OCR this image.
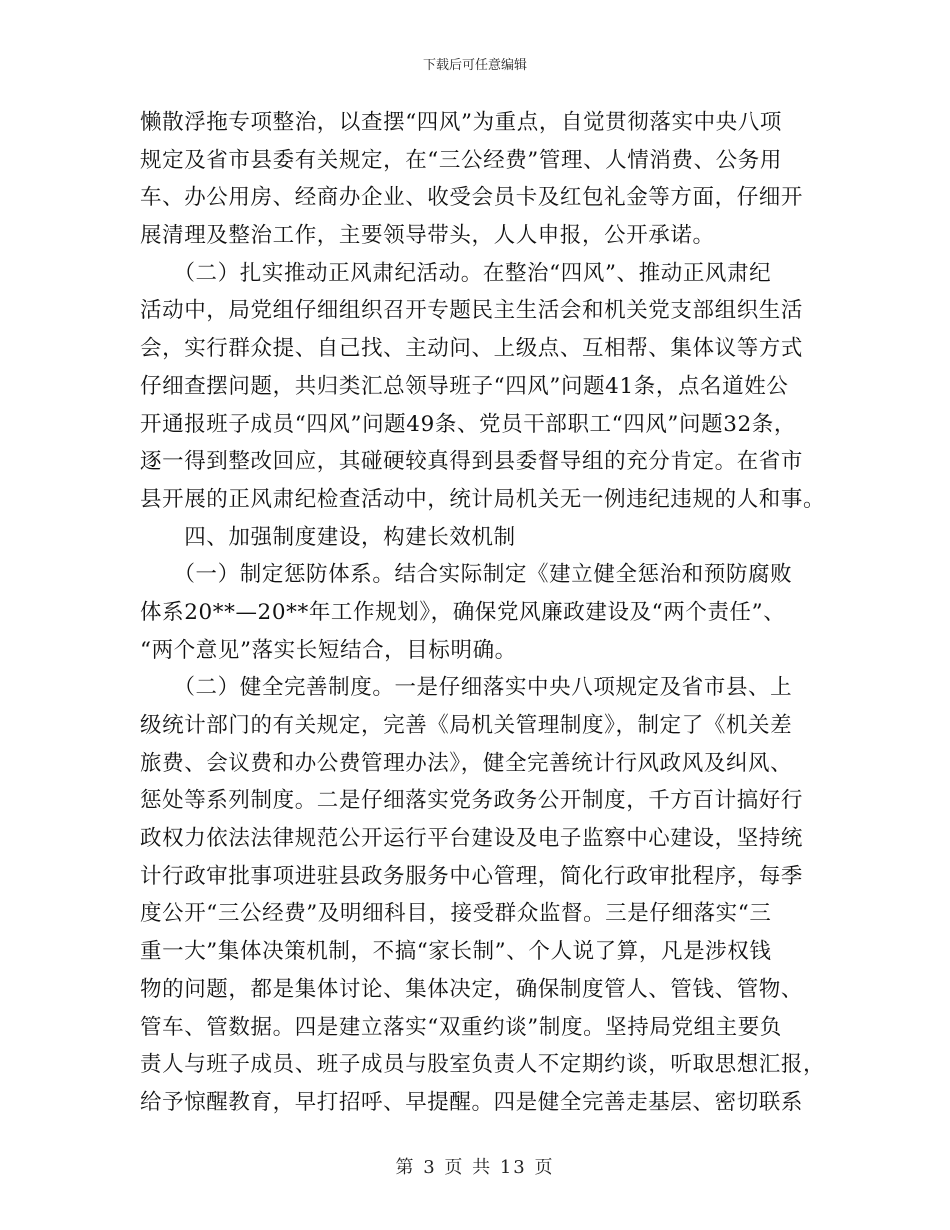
下载后可任意编辑
懒散浮拖专项整治，以查摆“四风”为重点，自觉贯彻落实中央八项
规定及省市县委有关规定，在“三公经费”管理、人情消费、公务用
车、办公用房、经商办企业、收受会员卡及红包礼金等方面，仔细开
展清理及整治工作，主要领导带头，人人申报，公开承诺。
　　（二）扎实推动正风肃纪活动。在整治“四风”、推动正风肃纪
活动中，局党组仔细组织召开专题民主生活会和机关党支部组织生活
会，实行群众提、自己找、主动问、上级点、互相帮、集体议等方式
仔细查摆问题，共归类汇总领导班子“四风”问题41条，点名道姓公
开通报班子成员“四风”问题49条、党员干部职工“四风”问题32条，
逐一得到整改回应，其碰硬较真得到县委督导组的充分肯定。在省市
县开展的正风肃纪检查活动中，统计局机关无一例违纪违规的人和事。
　　四、加强制度建设，构建长效机制
　　（一）制定惩防体系。结合实际制定《建立健全惩治和预防腐败
体系20**—20**年工作规划》，确保党风廉政建设及“两个责任”、
“两个意见”落实长短结合，目标明确。
　　（二）健全完善制度。一是仔细落实中央八项规定及省市县、上
级统计部门的有关规定，完善《局机关管理制度》，制定了《机关差
旅费、会议费和办公费管理办法》，健全完善统计行风政风及纠风、
惩处等系列制度。二是仔细落实党务政务公开制度，千方百计搞好行
政权力依法法律规范公开运行平台建设及电子监察中心建设，坚持统
计行政审批事项进驻县政务服务中心管理，简化行政审批程序，每季
度公开“三公经费”及明细科目，接受群众监督。三是仔细落实“三
重一大”集体决策机制，不搞“家长制”、个人说了算，凡是涉权钱
物的问题，都是集体讨论、集体决定，确保制度管人、管钱、管物、
管车、管数据。四是建立落实“双重约谈”制度。坚持局党组主要负
责人与班子成员、班子成员与股室负责人不定期约谈，听取思想汇报，
给予惊醒教育，早打招呼、早提醒。四是健全完善走基层、密切联系
第 3 页 共 13 页
